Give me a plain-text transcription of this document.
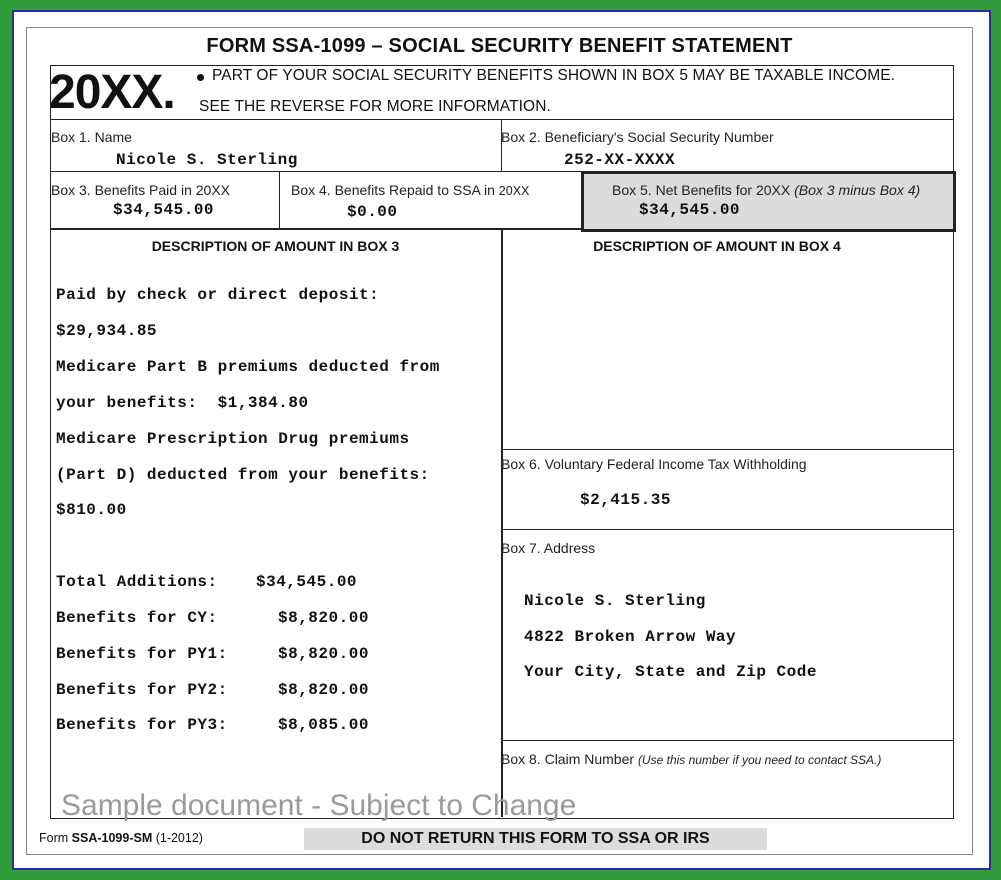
FORM SSA-1099 – SOCIAL SECURITY BENEFIT STATEMENT
20XX. PART OF YOUR SOCIAL SECURITY BENEFITS SHOWN IN BOX 5 MAY BE TAXABLE INCOME.
SEE THE REVERSE FOR MORE INFORMATION.
Box 1. Name
Nicole S. Sterling
Box 2. Beneficiary's Social Security Number
252-XX-XXXX
Box 3. Benefits Paid in 20XX
$34,545.00
Box 4. Benefits Repaid to SSA in 20XX
$0.00
Box 5. Net Benefits for 20XX (Box 3 minus Box 4)
$34,545.00
DESCRIPTION OF AMOUNT IN BOX 3
Paid by check or direct deposit:
$29,934.85
Medicare Part B premiums deducted from
your benefits:  $1,384.80
Medicare Prescription Drug premiums
(Part D) deducted from your benefits:
$810.00
Total Additions: $34,545.00
Benefits for CY:	$8,820.00
Benefits for PY1:	$8,820.00
Benefits for PY2:	$8,820.00
Benefits for PY3:	$8,085.00
DESCRIPTION OF AMOUNT IN BOX 4
Box 6. Voluntary Federal Income Tax Withholding
$2,415.35
Box 7. Address
Nicole S. Sterling
4822 Broken Arrow Way
Your City, State and Zip Code
Box 8. Claim Number (Use this number if you need to contact SSA.)
Sample document - Subject to Change
Form SSA-1099-SM (1-2012)	DO NOT RETURN THIS FORM TO SSA OR IRS
